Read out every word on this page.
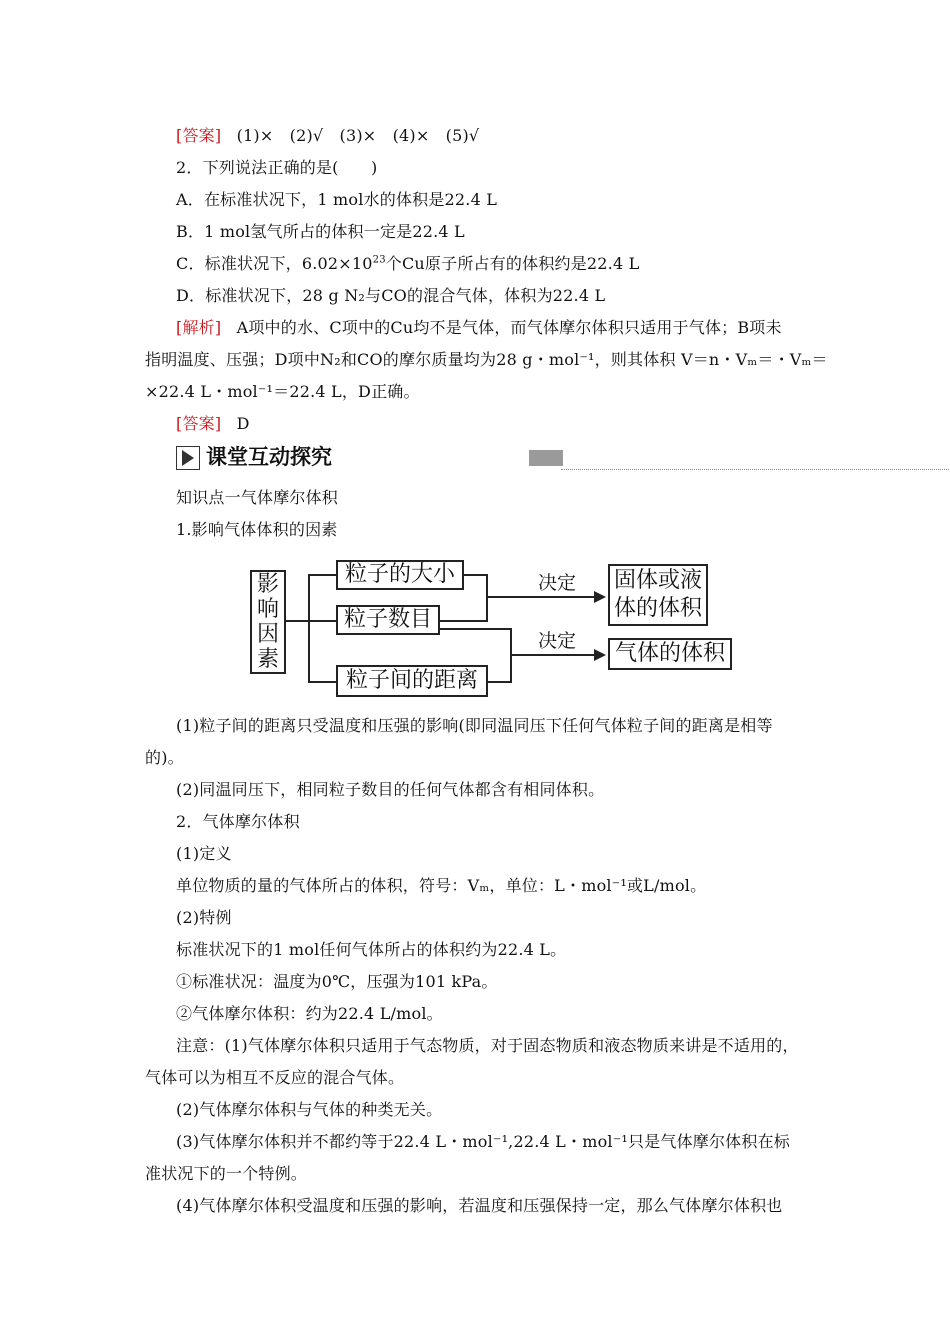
[答案] (1)×　(2)√　(3)×　(4)×　(5)√
2．下列说法正确的是(　　)
A．在标准状况下，1 mol水的体积是22.4 L
B．1 mol氢气所占的体积一定是22.4 L
C．标准状况下，$6.02\times 10^{23}$个Cu原子所占有的体积约是22.4 L
D．标准状况下，28 g N₂与CO的混合气体，体积为22.4 L
[解析] A项中的水、C项中的Cu均不是气体，而气体摩尔体积只适用于气体；B项未
指明温度、压强；D项中N₂和CO的摩尔质量均为28 g・mol⁻¹，则其体积 V＝n・Vₘ＝・Vₘ＝
×22.4 L・mol⁻¹＝22.4 L，D正确。
[答案] D
课堂互动探究
知识点一气体摩尔体积
1.影响气体体积的因素
影响因素
粒子的大小
粒子数目
粒子间的距离
决定
决定
固体或液体的体积
气体的体积
(1)粒子间的距离只受温度和压强的影响(即同温同压下任何气体粒子间的距离是相等
的)。
(2)同温同压下，相同粒子数目的任何气体都含有相同体积。
2．气体摩尔体积
(1)定义
单位物质的量的气体所占的体积，符号：Vₘ，单位：L・mol⁻¹或L/mol。
(2)特例
标准状况下的1 mol任何气体所占的体积约为22.4 L。
①标准状况：温度为0℃，压强为101 kPa。
②气体摩尔体积：约为22.4 L/mol。
注意：(1)气体摩尔体积只适用于气态物质，对于固态物质和液态物质来讲是不适用的，
气体可以为相互不反应的混合气体。
(2)气体摩尔体积与气体的种类无关。
(3)气体摩尔体积并不都约等于22.4 L・mol⁻¹,22.4 L・mol⁻¹只是气体摩尔体积在标
准状况下的一个特例。
(4)气体摩尔体积受温度和压强的影响，若温度和压强保持一定，那么气体摩尔体积也
